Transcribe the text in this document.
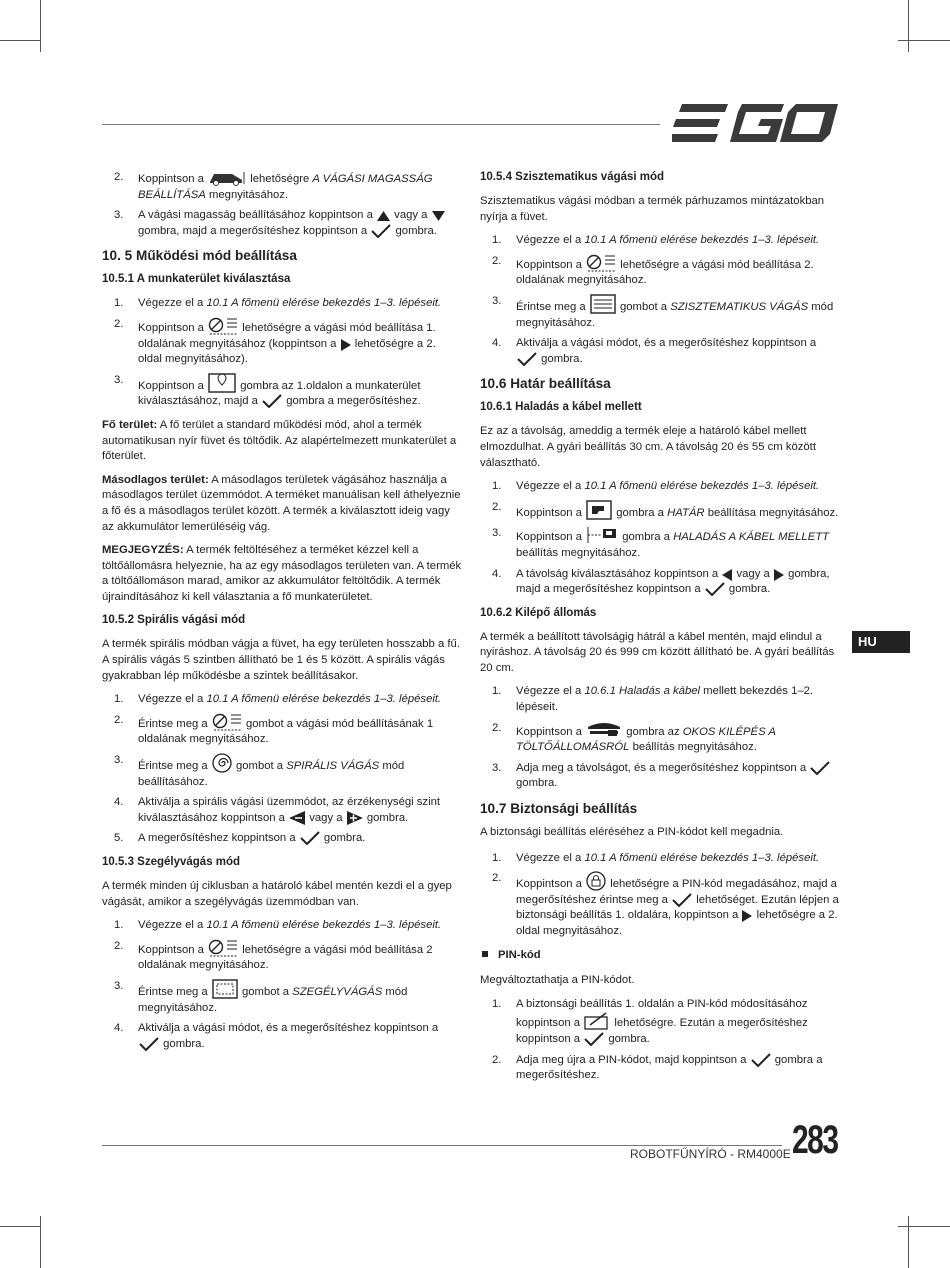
2. Koppintson a	lehetőségre A VÁGÁSI MAGASSÁG BEÁLLÍTÁSA megnyitásához.
3. A vágási magasság beállításához koppintson a vagy a  gombra, majd a megerősítéshez koppintson a	gombra.
10. 5 Működési mód beállítása
10.5.1 A munkaterület kiválasztása
1. Végezze el a 10.1 A főmenü elérése bekezdés 1–3. lépéseit.
2. Koppintson a	lehetőségre a vágási mód beállítása 1. oldalának megnyitásához (koppintson a lehetőségre a 2. oldal megnyitásához).
3. Koppintson a	gombra az 1.oldalon a munkaterület kiválasztásához, majd a	gombra a megerősítéshez.

Fő terület: A fő terület a standard működési mód, ahol a termék automatikusan nyír füvet és töltődik. Az alapértelmezett munkaterület a főterület.

Másodlagos terület: A másodlagos területek vágásához használja a másodlagos terület üzemmódot. A terméket manuálisan kell áthelyeznie a fő és a másodlagos terület között. A termék a kiválasztott ideig vagy az akkumulátor lemerüléséig vág.

MEGJEGYZÉS: A termék feltöltéséhez a terméket kézzel kell a töltőállomásra helyeznie, ha az egy másodlagos területen van. A termék a töltőállomáson marad, amikor az akkumulátor feltöltődik. A termék újraindításához ki kell választania a fő munkaterületet.

10.5.2 Spirális vágási mód

A termék spirális módban vágja a füvet, ha egy területen hosszabb a fű. A spirális vágás 5 szintben állítható be 1 és 5 között. A spirális vágás gyakrabban lép működésbe a szintek beállításakor.

1. Végezze el a 10.1 A főmenü elérése bekezdés 1–3. lépéseit.
2. Érintse meg a	gombot a vágási mód beállításának 1 oldalának megnyitásához.
3. Érintse meg a	gombot a SPIRÁLIS VÁGÁS mód beállításához.
4. Aktiválja a spirális vágási üzemmódot, az érzékenységi szint kiválasztásához koppintson a vagy a gombra.
5. A megerősítéshez koppintson a	gombra.
10.5.3 Szegélyvágás mód

A termék minden új ciklusban a határoló kábel mentén kezdi el a gyep vágását, amikor a szegélyvágás üzemmódban van.

1. Végezze el a 10.1 A főmenü elérése bekezdés 1–3. lépéseit.
2. Koppintson a	lehetőségre a vágási mód beállítása 2 oldalának megnyitásához.
3. Érintse meg a	gombot a SZEGÉLYVÁGÁS mód megnyitásához.
4. Aktiválja a vágási módot, és a megerősítéshez koppintson a  gombra.
10.5.4 Szisztematikus vágási mód

Szisztematikus vágási módban a termék párhuzamos mintázatokban nyírja a füvet.

1. Végezze el a 10.1 A főmenü elérése bekezdés 1–3. lépéseit.
2. Koppintson a	lehetőségre a vágási mód beállítása 2. oldalának megnyitásához.
3. Érintse meg a	gombot a SZISZTEMATIKUS VÁGÁS mód megnyitásához.
4. Aktiválja a vágási módot, és a megerősítéshez koppintson a  gombra.
10.6 Határ beállítása
10.6.1 Haladás a kábel mellett

Ez az a távolság, ameddig a termék eleje a határoló kábel mellett elmozdulhat. A gyári beállítás 30 cm. A távolság 20 és 55 cm között választható.

1. Végezze el a 10.1 A főmenü elérése bekezdés 1–3. lépéseit.
2. Koppintson a	gombra a HATÁR beállítása megnyitásához.
3. Koppintson a	gombra a HALADÁS A KÁBEL MELLETT beállítás megnyitásához.
4. A távolság kiválasztásához koppintson a vagy a gombra, majd a megerősítéshez koppintson a	gombra.
10.6.2 Kilépő állomás

A termék a beállított távolságig hátrál a kábel mentén, majd elindul a nyiráshoz. A távolság 20 és 999 cm között állítható be. A gyári beállítás 20 cm.

1. Végezze el a 10.6.1 Haladás a kábel mellett bekezdés 1–2. lépéseit.
2. Koppintson a	gombra az OKOS KILÉPÉS A TÖLTŐÁLLOMÁSRÓL beállítás megnyitásához.
3. Adja meg a távolságot, és a megerősítéshez koppintson a  gombra.
10.7 Biztonsági beállítás

A biztonsági beállítás eléréséhez a PIN-kódot kell megadnia.

1. Végezze el a 10.1 A főmenü elérése bekezdés 1–3. lépéseit.
2. Koppintson a	lehetőségre a PIN-kód megadásához, majd a megerősítéshez érintse meg a	lehetőséget. Ezután lépjen a biztonsági beállítás 1. oldalára, koppintson a lehetőségre a 2. oldal megnyitásához.

PIN-kód

Megváltoztathatja a PIN-kódot.

1. A biztonsági beállítás 1. oldalán a PIN-kód módosításához koppintson a	lehetőségre. Ezután a megerősítéshez koppintson a	gombra.
2. Adja meg újra a PIN-kódot, majd koppintson a	gombra a megerősítéshez.
HU
ROBOTFŰNYÍRÓ - RM4000E 283
